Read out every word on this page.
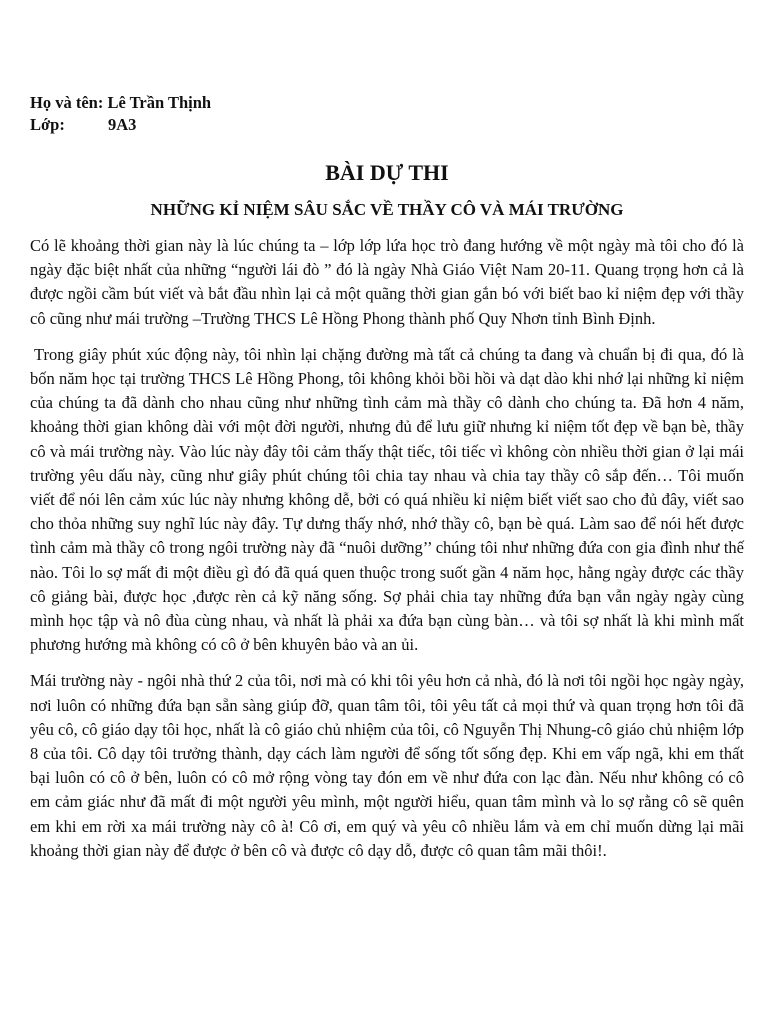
Họ và tên: Lê Trần Thịnh

Lớp:	9A3

BÀI DỰ THI
NHỮNG KỈ NIỆM SÂU SẮC VỀ THẦY CÔ VÀ MÁI TRƯỜNG

Có lẽ khoảng thời gian này là lúc chúng ta – lớp lớp lứa học trò đang hướng về một ngày mà tôi cho đó là ngày đặc biệt nhất của những “người lái đò ” đó là ngày Nhà Giáo Việt Nam 20-11. Quang trọng hơn cả là được ngồi cầm bút viết và bắt đầu nhìn lại cả một quãng thời gian gắn bó với biết bao kỉ niệm đẹp với thầy cô cũng như mái trường –Trường THCS Lê Hồng Phong thành phố Quy Nhơn tỉnh Bình Định.

Trong giây phút xúc động này, tôi nhìn lại chặng đường mà tất cả chúng ta đang và chuẩn bị đi qua, đó là bốn năm học tại trường THCS Lê Hồng Phong, tôi không khỏi bồi hồi và dạt dào khi nhớ lại những kỉ niệm của chúng ta đã dành cho nhau cũng như những tình cảm mà thầy cô dành cho chúng ta. Đã hơn 4 năm, khoảng thời gian không dài với một đời người, nhưng đủ để lưu giữ nhưng kỉ niệm tốt đẹp về bạn bè, thầy cô và mái trường này. Vào lúc này đây tôi cảm thấy thật tiếc, tôi tiếc vì không còn nhiều thời gian ở lại mái trường yêu dấu này, cũng như giây phút chúng tôi chia tay nhau và chia tay thầy cô sắp đến… Tôi muốn viết để nói lên cảm xúc lúc này nhưng không dễ, bởi có quá nhiều kỉ niệm biết viết sao cho đủ đây, viết sao cho thỏa những suy nghĩ lúc này đây. Tự dưng thấy nhớ, nhớ thầy cô, bạn bè quá. Làm sao để nói hết được tình cảm mà thầy cô trong ngôi trường này đã “nuôi dưỡng’’ chúng tôi như những đứa con gia đình như thế nào. Tôi lo sợ mất đi một điều gì đó đã quá quen thuộc trong suốt gần 4 năm học, hằng ngày được các thầy cô giảng bài, được học ,được rèn cả kỹ năng sống. Sợ phải chia tay những đứa bạn vẫn ngày ngày cùng mình học tập và nô đùa cùng nhau, và nhất là phải xa đứa bạn cùng bàn… và tôi sợ nhất là khi mình mất phương hướng mà không có cô ở bên khuyên bảo và an ủi.

Mái trường này - ngôi nhà thứ 2 của tôi, nơi mà có khi tôi yêu hơn cả nhà, đó là nơi tôi ngồi học ngày ngày, nơi luôn có những đứa bạn sẵn sàng giúp đỡ, quan tâm tôi, tôi yêu tất cả mọi thứ và quan trọng hơn tôi đã yêu cô, cô giáo dạy tôi học, nhất là cô giáo chủ nhiệm của tôi, cô Nguyễn Thị Nhung-cô giáo chủ nhiệm lớp 8 của tôi. Cô dạy tôi trưởng thành, dạy cách làm người để sống tốt sống đẹp. Khi em vấp ngã, khi em thất bại luôn có cô ở bên, luôn có cô mở rộng vòng tay đón em về như đứa con lạc đàn. Nếu như không có cô em cảm giác như đã mất đi một người yêu mình, một người hiểu, quan tâm mình và lo sợ rằng cô sẽ quên em khi em rời xa mái trường này cô à! Cô ơi, em quý và yêu cô nhiều lắm và em chỉ muốn dừng lại mãi khoảng thời gian này để được ở bên cô và được cô dạy dỗ, được cô quan tâm mãi thôi!.
